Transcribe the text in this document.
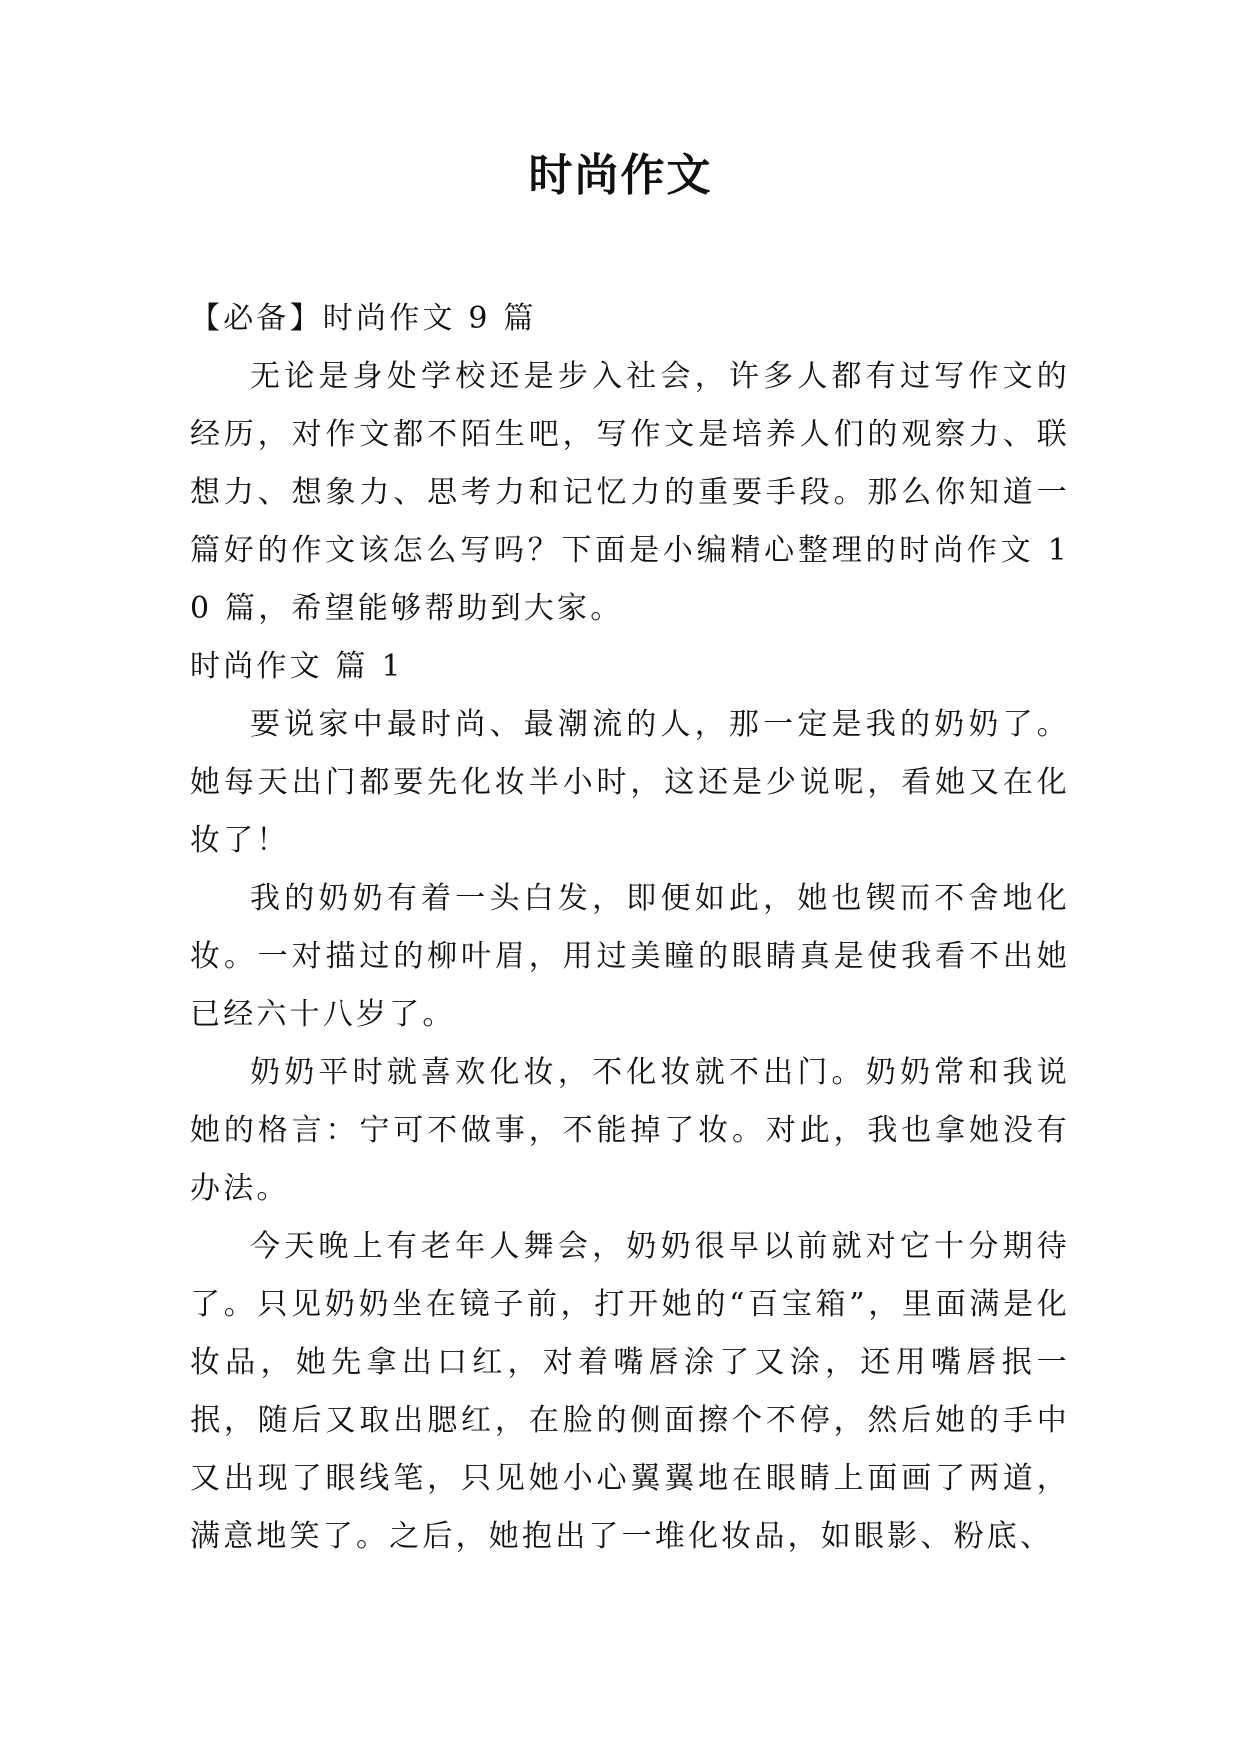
时尚作文

【必备】时尚作文 9 篇

无论是身处学校还是步入社会，许多人都有过写作文的经历，对作文都不陌生吧，写作文是培养人们的观察力、联想力、想象力、思考力和记忆力的重要手段。那么你知道一篇好的作文该怎么写吗？下面是小编精心整理的时尚作文 10 篇，希望能够帮助到大家。

时尚作文 篇 1

要说家中最时尚、最潮流的人，那一定是我的奶奶了。她每天出门都要先化妆半小时，这还是少说呢，看她又在化妆了！

我的奶奶有着一头白发，即便如此，她也锲而不舍地化妆。一对描过的柳叶眉，用过美瞳的眼睛真是使我看不出她已经六十八岁了。

奶奶平时就喜欢化妆，不化妆就不出门。奶奶常和我说她的格言：宁可不做事，不能掉了妆。对此，我也拿她没有办法。

今天晚上有老年人舞会，奶奶很早以前就对它十分期待了。只见奶奶坐在镜子前，打开她的“百宝箱”，里面满是化妆品，她先拿出口红，对着嘴唇涂了又涂，还用嘴唇抿一抿，随后又取出腮红，在脸的侧面擦个不停，然后她的手中又出现了眼线笔，只见她小心翼翼地在眼睛上面画了两道，满意地笑了。之后，她抱出了一堆化妆品，如眼影、粉底、
